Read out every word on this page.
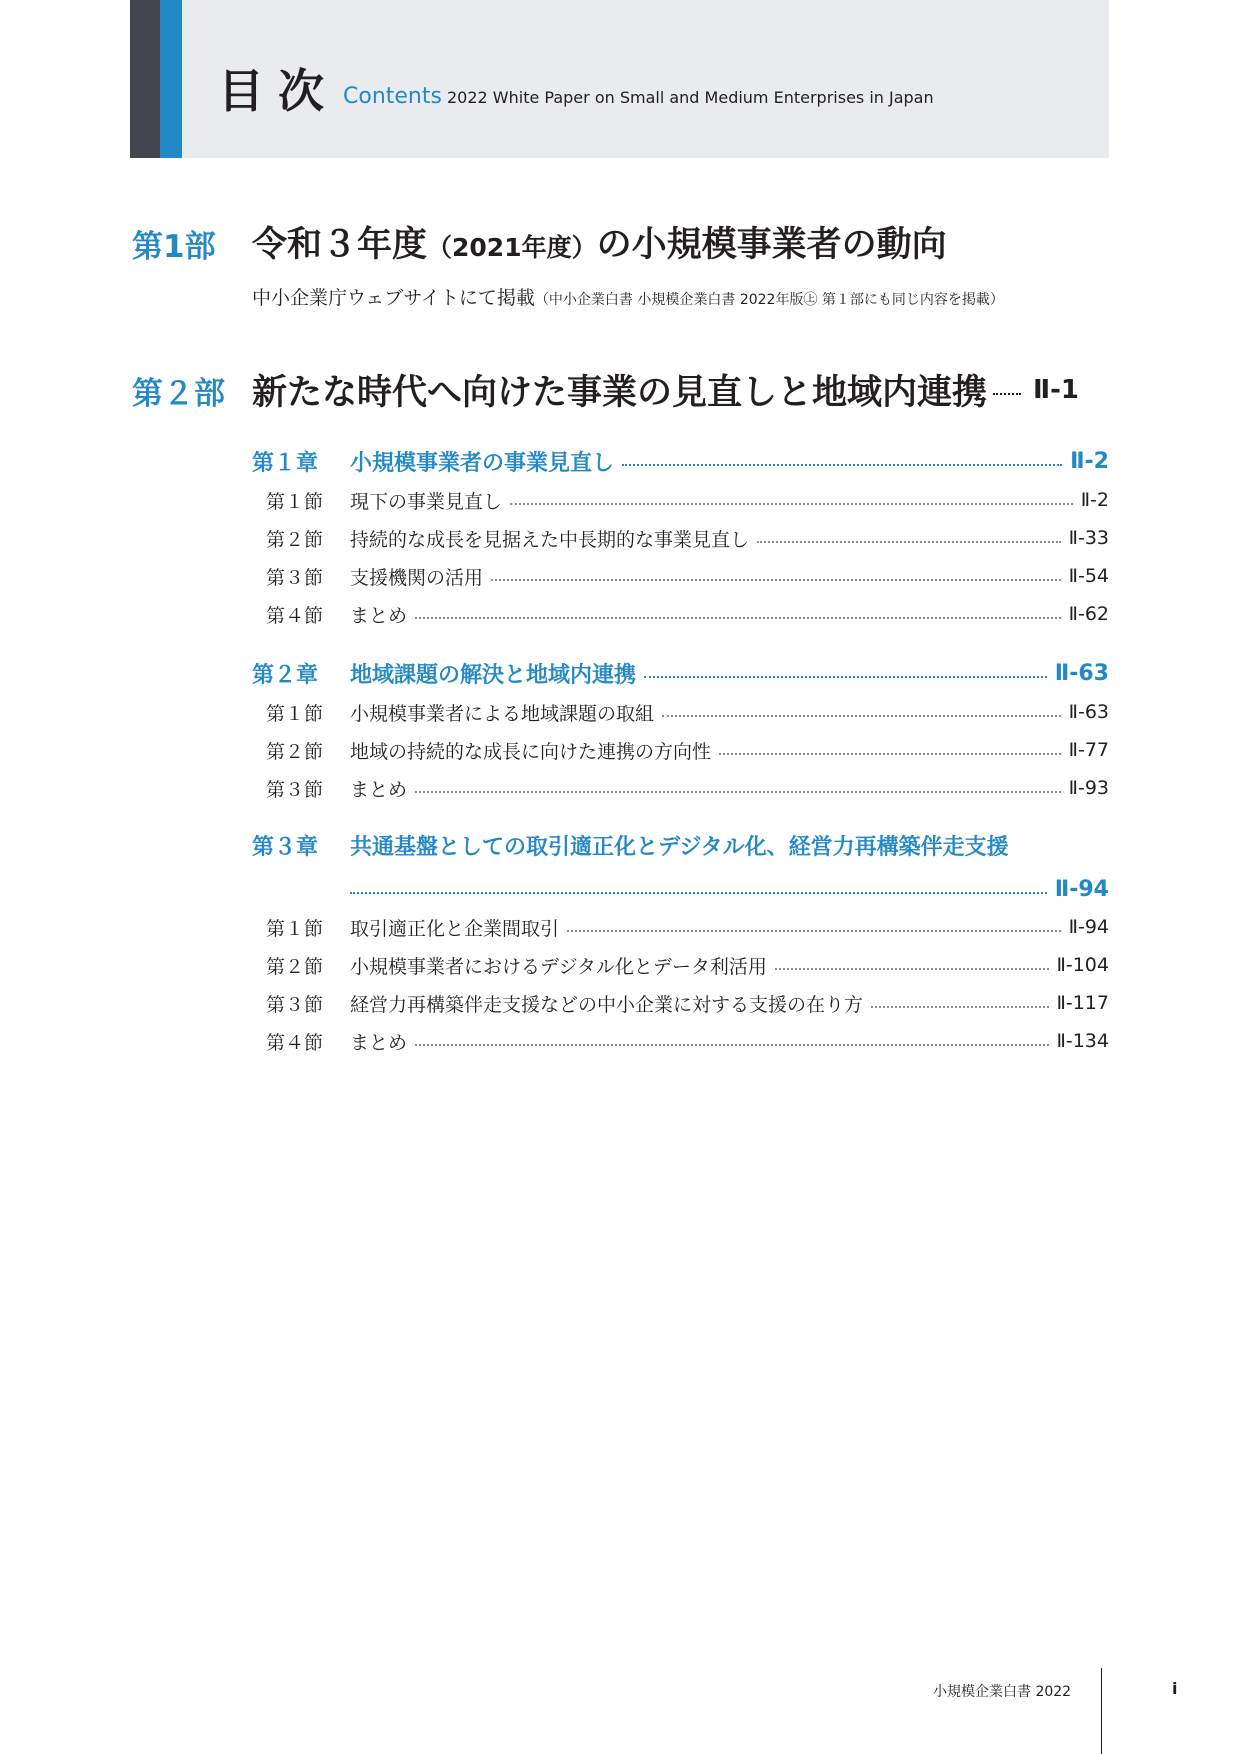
目次 Contents 2022 White Paper on Small and Medium Enterprises in Japan
第1部 令和３年度（2021年度）の小規模事業者の動向
中小企業庁ウェブサイトにて掲載（中小企業白書 小規模企業白書 2022年版㊤ 第１部にも同じ内容を掲載）
第２部 新たな時代へ向けた事業の見直しと地域内連携 Ⅱ-1
第１章	小規模事業者の事業見直し	Ⅱ-2
第１節	現下の事業見直し	Ⅱ-2
第２節	持続的な成長を見据えた中長期的な事業見直し	Ⅱ-33
第３節	支援機関の活用	Ⅱ-54
第４節	まとめ	Ⅱ-62
第２章	地域課題の解決と地域内連携	Ⅱ-63
第１節	小規模事業者による地域課題の取組	Ⅱ-63
第２節	地域の持続的な成長に向けた連携の方向性	Ⅱ-77
第３節	まとめ	Ⅱ-93
第３章	共通基盤としての取引適正化とデジタル化、経営力再構築伴走支援
Ⅱ-94
第１節	取引適正化と企業間取引	Ⅱ-94
第２節	小規模事業者におけるデジタル化とデータ利活用	Ⅱ-104
第３節	経営力再構築伴走支援などの中小企業に対する支援の在り方	Ⅱ-117
第４節	まとめ	Ⅱ-134
小規模企業白書 2022	i
